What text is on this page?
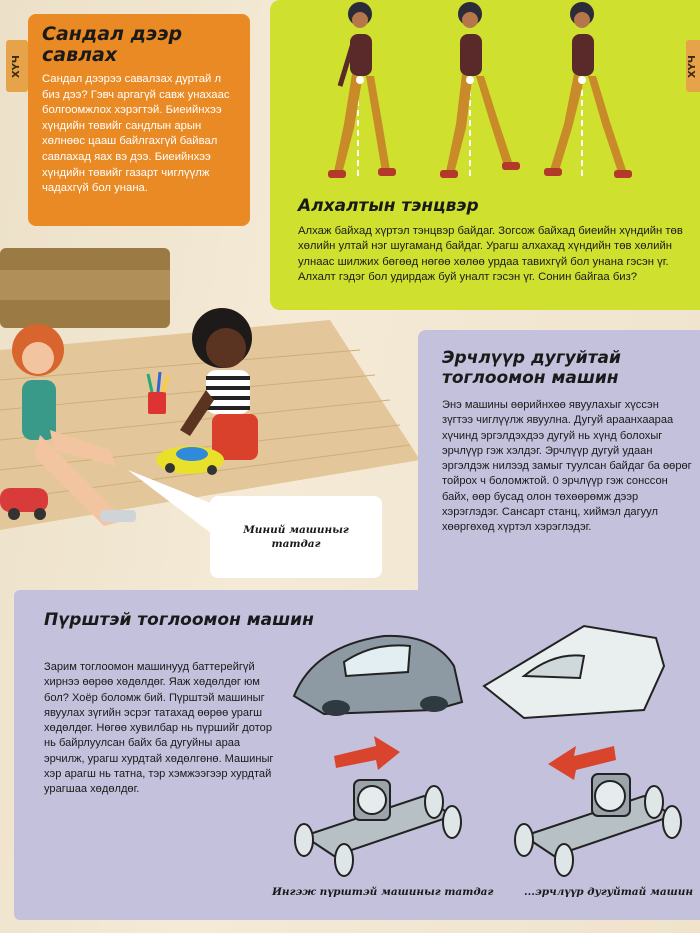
ХҮЧ
Сандал дээр савлах

Сандал дээрээ савалзах дуртай л биз дээ? Гэвч аргагүй савж унахаас болгоомжлох хэрэгтэй. Биеийнхээ хүндийн төвийг сандлын арын хөлнөөс цааш байлгахгүй байвал савлахад яах вэ дээ. Биеийнхээ хүндийн төвийг газарт чиглүүлж чадахгүй бол унана.

Алхалтын тэнцвэр

Алхаж байхад хүртэл тэнцвэр байдаг. Зогсож байхад биеийн хүндийн төв хөлийн ултай нэг шугаманд байдаг. Урагш алхахад хүндийн төв хөлийн улнаас шилжих бөгөөд нөгөө хөлөө урдаа тавихгүй бол унана гэсэн үг. Алхалт гэдэг бол удирдаж буй уналт гэсэн үг. Сонин байгаа биз?

ХҮЧ
Миний машиныг татдаг
Эрчлүүр дугуйтай тоглоомон машин

Энэ машины өөрийнхөө явуулахыг хүссэн зүгтээ чиглүүлж явуулна. Дугуй араанхаараа хүчинд эргэлдэхдээ дугуй нь хүнд болохыг эрчлүүр гэж хэлдэг. Эрчлүүр дугуй удаан эргэлдэж нилээд замыг туулсан байдаг ба өөрөг тойрох ч боломжтой. 0 эрчлүүр гэж сонссон байх, өөр бусад олон төхөөрөмж дээр хэрэглэдэг. Сансарт станц, хиймэл дагуул хөөргөхөд хүртэл хэрэглэдэг.

Пүрштэй тоглоомон машин

Зарим тоглоомон машинууд баттерейгүй хирнээ өөрөө хөдөлдөг. Яаж хөдөлдөг юм бол? Хоёр боломж бий. Пүрштэй машиныг явуулах зүгийн эсрэг татахад өөрөө урагш хөдөлдөг. Нөгөө хувилбар нь пүршийг дотор нь байрлуулсан байх ба дугуйны араа эрчилж, урагш хурдтай хөдөлгөнө. Машиныг хэр арагш нь татна, тэр хэмжээгээр хурдтай урагшаа хөдөлдөг.

Ингэж пүрштэй машиныг татдаг	...эрчлүүр дугуйтай машин
